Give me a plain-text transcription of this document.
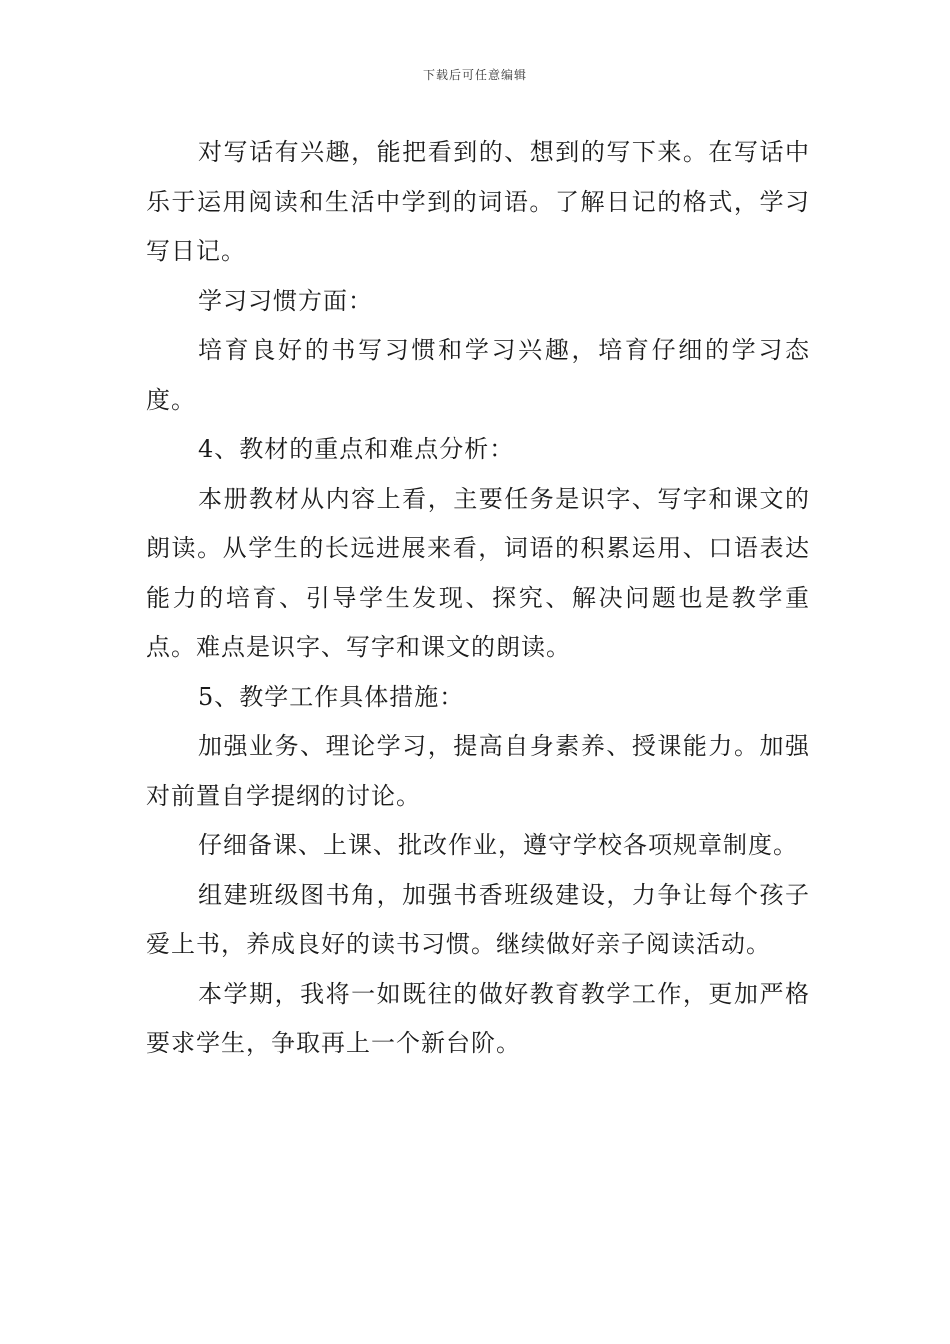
下载后可任意编辑

对写话有兴趣，能把看到的、想到的写下来。在写话中乐于运用阅读和生活中学到的词语。了解日记的格式，学习写日记。

学习习惯方面：

培育良好的书写习惯和学习兴趣，培育仔细的学习态度。

4、教材的重点和难点分析：

本册教材从内容上看，主要任务是识字、写字和课文的朗读。从学生的长远进展来看，词语的积累运用、口语表达能力的培育、引导学生发现、探究、解决问题也是教学重点。难点是识字、写字和课文的朗读。

5、教学工作具体措施：

加强业务、理论学习，提高自身素养、授课能力。加强对前置自学提纲的讨论。

仔细备课、上课、批改作业，遵守学校各项规章制度。

组建班级图书角，加强书香班级建设，力争让每个孩子爱上书，养成良好的读书习惯。继续做好亲子阅读活动。

本学期，我将一如既往的做好教育教学工作，更加严格要求学生，争取再上一个新台阶。
